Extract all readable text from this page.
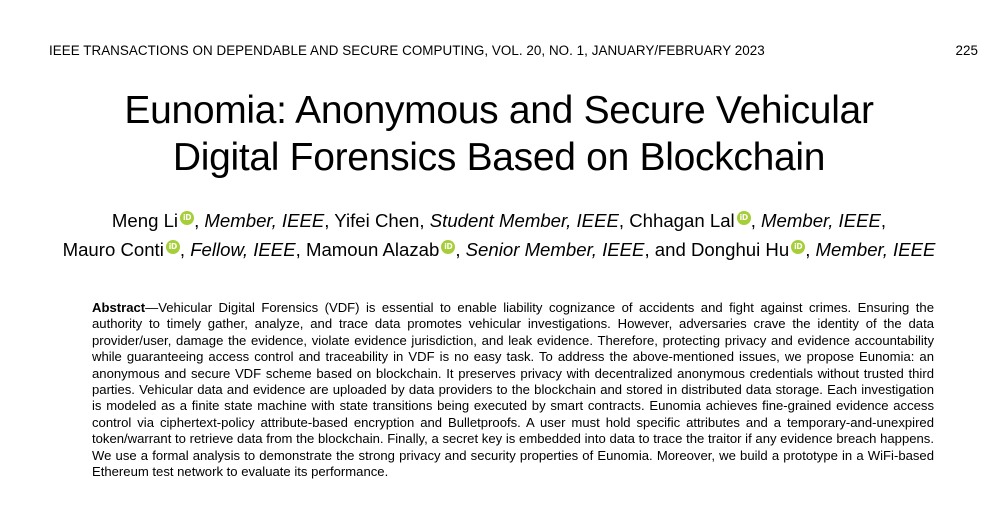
IEEE TRANSACTIONS ON DEPENDABLE AND SECURE COMPUTING, VOL. 20, NO. 1, JANUARY/FEBRUARY 2023	225
Eunomia: Anonymous and Secure Vehicular
Digital Forensics Based on Blockchain
Meng Li iD , Member, IEEE, Yifei Chen, Student Member, IEEE, Chhagan Lal iD , Member, IEEE,
Mauro Conti iD , Fellow, IEEE, Mamoun Alazab iD , Senior Member, IEEE, and Donghui Hu iD , Member, IEEE
Abstract—Vehicular Digital Forensics (VDF) is essential to enable liability cognizance of accidents and fight against crimes. Ensuring the authority to timely gather, analyze, and trace data promotes vehicular investigations. However, adversaries crave the identity of the data provider/user, damage the evidence, violate evidence jurisdiction, and leak evidence. Therefore, protecting privacy and evidence accountability while guaranteeing access control and traceability in VDF is no easy task. To address the above-mentioned issues, we propose Eunomia: an anonymous and secure VDF scheme based on blockchain. It preserves privacy with decentralized anonymous credentials without trusted third parties. Vehicular data and evidence are uploaded by data providers to the blockchain and stored in distributed data storage. Each investigation is modeled as a finite state machine with state transitions being executed by smart contracts. Eunomia achieves fine-grained evidence access control via ciphertext-policy attribute-based encryption and Bulletproofs. A user must hold specific attributes and a temporary-and-unexpired token/warrant to retrieve data from the blockchain. Finally, a secret key is embedded into data to trace the traitor if any evidence breach happens. We use a formal analysis to demonstrate the strong privacy and security properties of Eunomia. Moreover, we build a prototype in a WiFi-based Ethereum test network to evaluate its performance.
